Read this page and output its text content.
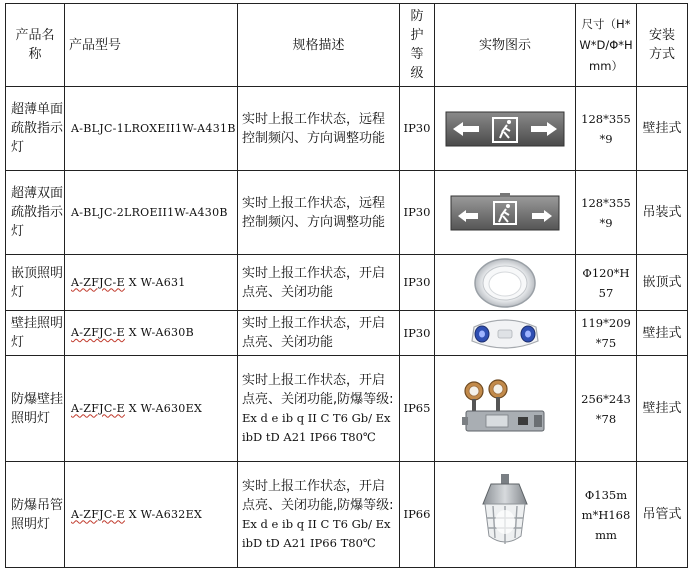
产品名称	产品型号	规格描述	防护等级	实物图示	尺寸（H*W*D/Φ*Hmm）	安装方式
超薄单面疏散指示灯	A-BLJC-1LROXEII1W-A431B	实时上报工作状态，远程控制频闪、方向调整功能	IP30		128*355*9	壁挂式
超薄双面疏散指示灯	A-BLJC-2LROEII1W-A430B	实时上报工作状态，远程控制频闪、方向调整功能	IP30		128*355*9	吊装式
嵌顶照明灯	A-ZFJC-E X W-A631	实时上报工作状态，开启点亮、关闭功能	IP30		Φ120*H57	嵌顶式
壁挂照明灯	A-ZFJC-E X W-A630B	实时上报工作状态，开启点亮、关闭功能	IP30		119*209*75	壁挂式
防爆壁挂照明灯	A-ZFJC-E X W-A630EX	实时上报工作状态，开启点亮、关闭功能,防爆等级:Ex d e ib q II C T6 Gb/ Ex ibD tD A21 IP66 T80℃	IP65		256*243*78	壁挂式
防爆吊管照明灯	A-ZFJC-E X W-A632EX	实时上报工作状态，开启点亮、关闭功能,防爆等级:Ex d e ib q II C T6 Gb/ Ex ibD tD A21 IP66 T80℃	IP66		Φ135mm*H168mm	吊管式
